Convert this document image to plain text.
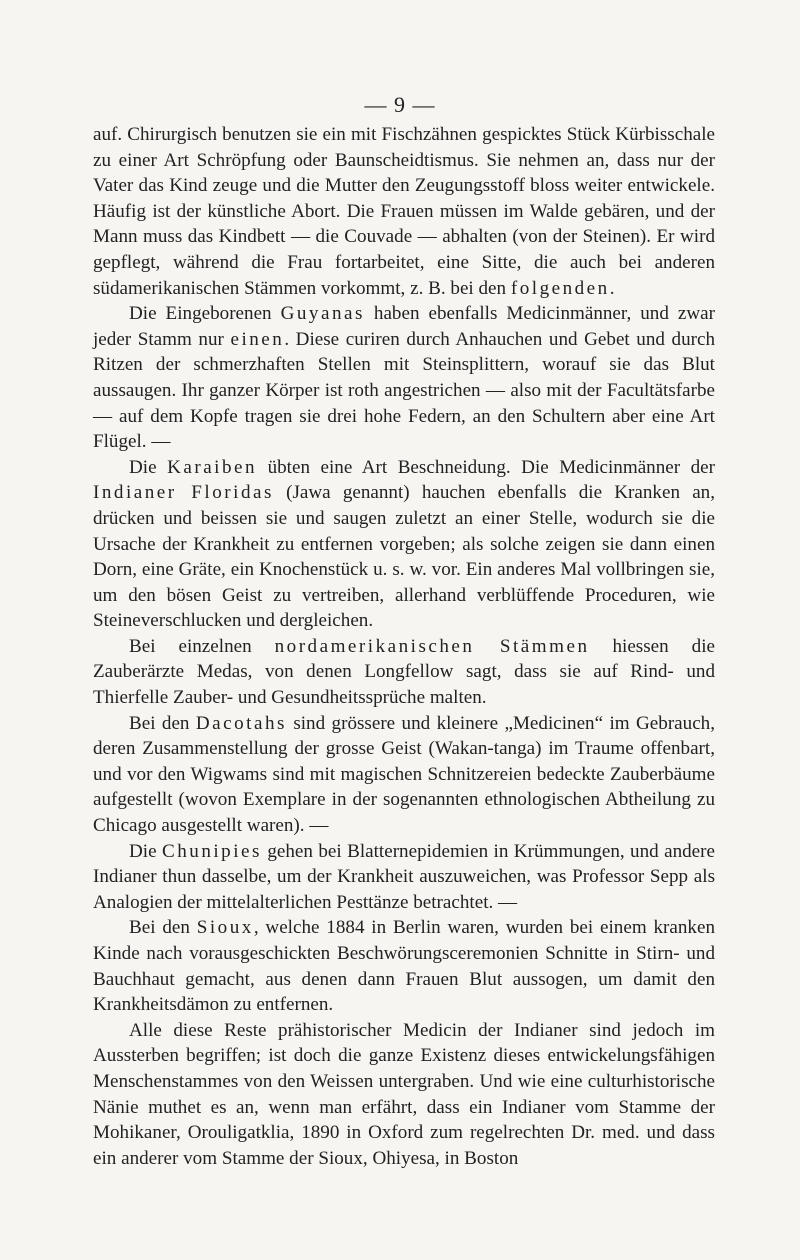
— 9 —

auf. Chirurgisch benutzen sie ein mit Fischzähnen gespicktes Stück Kürbisschale zu einer Art Schröpfung oder Baunscheidtismus. Sie nehmen an, dass nur der Vater das Kind zeuge und die Mutter den Zeugungsstoff bloss weiter entwickele. Häufig ist der künstliche Abort. Die Frauen müssen im Walde gebären, und der Mann muss das Kindbett — die Couvade — abhalten (von der Steinen). Er wird gepflegt, während die Frau fortarbeitet, eine Sitte, die auch bei anderen südamerikanischen Stämmen vorkommt, z. B. bei den folgenden.

Die Eingeborenen Guyanas haben ebenfalls Medicinmänner, und zwar jeder Stamm nur einen. Diese curiren durch Anhauchen und Gebet und durch Ritzen der schmerzhaften Stellen mit Steinsplittern, worauf sie das Blut aussaugen. Ihr ganzer Körper ist roth angestrichen — also mit der Facultätsfarbe — auf dem Kopfe tragen sie drei hohe Federn, an den Schultern aber eine Art Flügel. —

Die Karaiben übten eine Art Beschneidung. Die Medicinmänner der Indianer Floridas (Jawa genannt) hauchen ebenfalls die Kranken an, drücken und beissen sie und saugen zuletzt an einer Stelle, wodurch sie die Ursache der Krankheit zu entfernen vorgeben; als solche zeigen sie dann einen Dorn, eine Gräte, ein Knochenstück u. s. w. vor. Ein anderes Mal vollbringen sie, um den bösen Geist zu vertreiben, allerhand verblüffende Proceduren, wie Steineverschlucken und dergleichen.

Bei einzelnen nordamerikanischen Stämmen hiessen die Zauberärzte Medas, von denen Longfellow sagt, dass sie auf Rind- und Thierfelle Zauber- und Gesundheitssprüche malten.

Bei den Dacotahs sind grössere und kleinere „Medicinen“ im Gebrauch, deren Zusammenstellung der grosse Geist (Wakan-tanga) im Traume offenbart, und vor den Wigwams sind mit magischen Schnitzereien bedeckte Zauberbäume aufgestellt (wovon Exemplare in der sogenannten ethnologischen Abtheilung zu Chicago ausgestellt waren). —

Die Chunipies gehen bei Blatternepidemien in Krümmungen, und andere Indianer thun dasselbe, um der Krankheit auszuweichen, was Professor Sepp als Analogien der mittelalterlichen Pesttänze betrachtet. —

Bei den Sioux, welche 1884 in Berlin waren, wurden bei einem kranken Kinde nach vorausgeschickten Beschwörungsceremonien Schnitte in Stirn- und Bauchhaut gemacht, aus denen dann Frauen Blut aussogen, um damit den Krankheitsdämon zu entfernen.

Alle diese Reste prähistorischer Medicin der Indianer sind jedoch im Aussterben begriffen; ist doch die ganze Existenz dieses entwickelungsfähigen Menschenstammes von den Weissen untergraben. Und wie eine culturhistorische Nänie muthet es an, wenn man erfährt, dass ein Indianer vom Stamme der Mohikaner, Orouligatklia, 1890 in Oxford zum regelrechten Dr. med. und dass ein anderer vom Stamme der Sioux, Ohiyesa, in Boston
